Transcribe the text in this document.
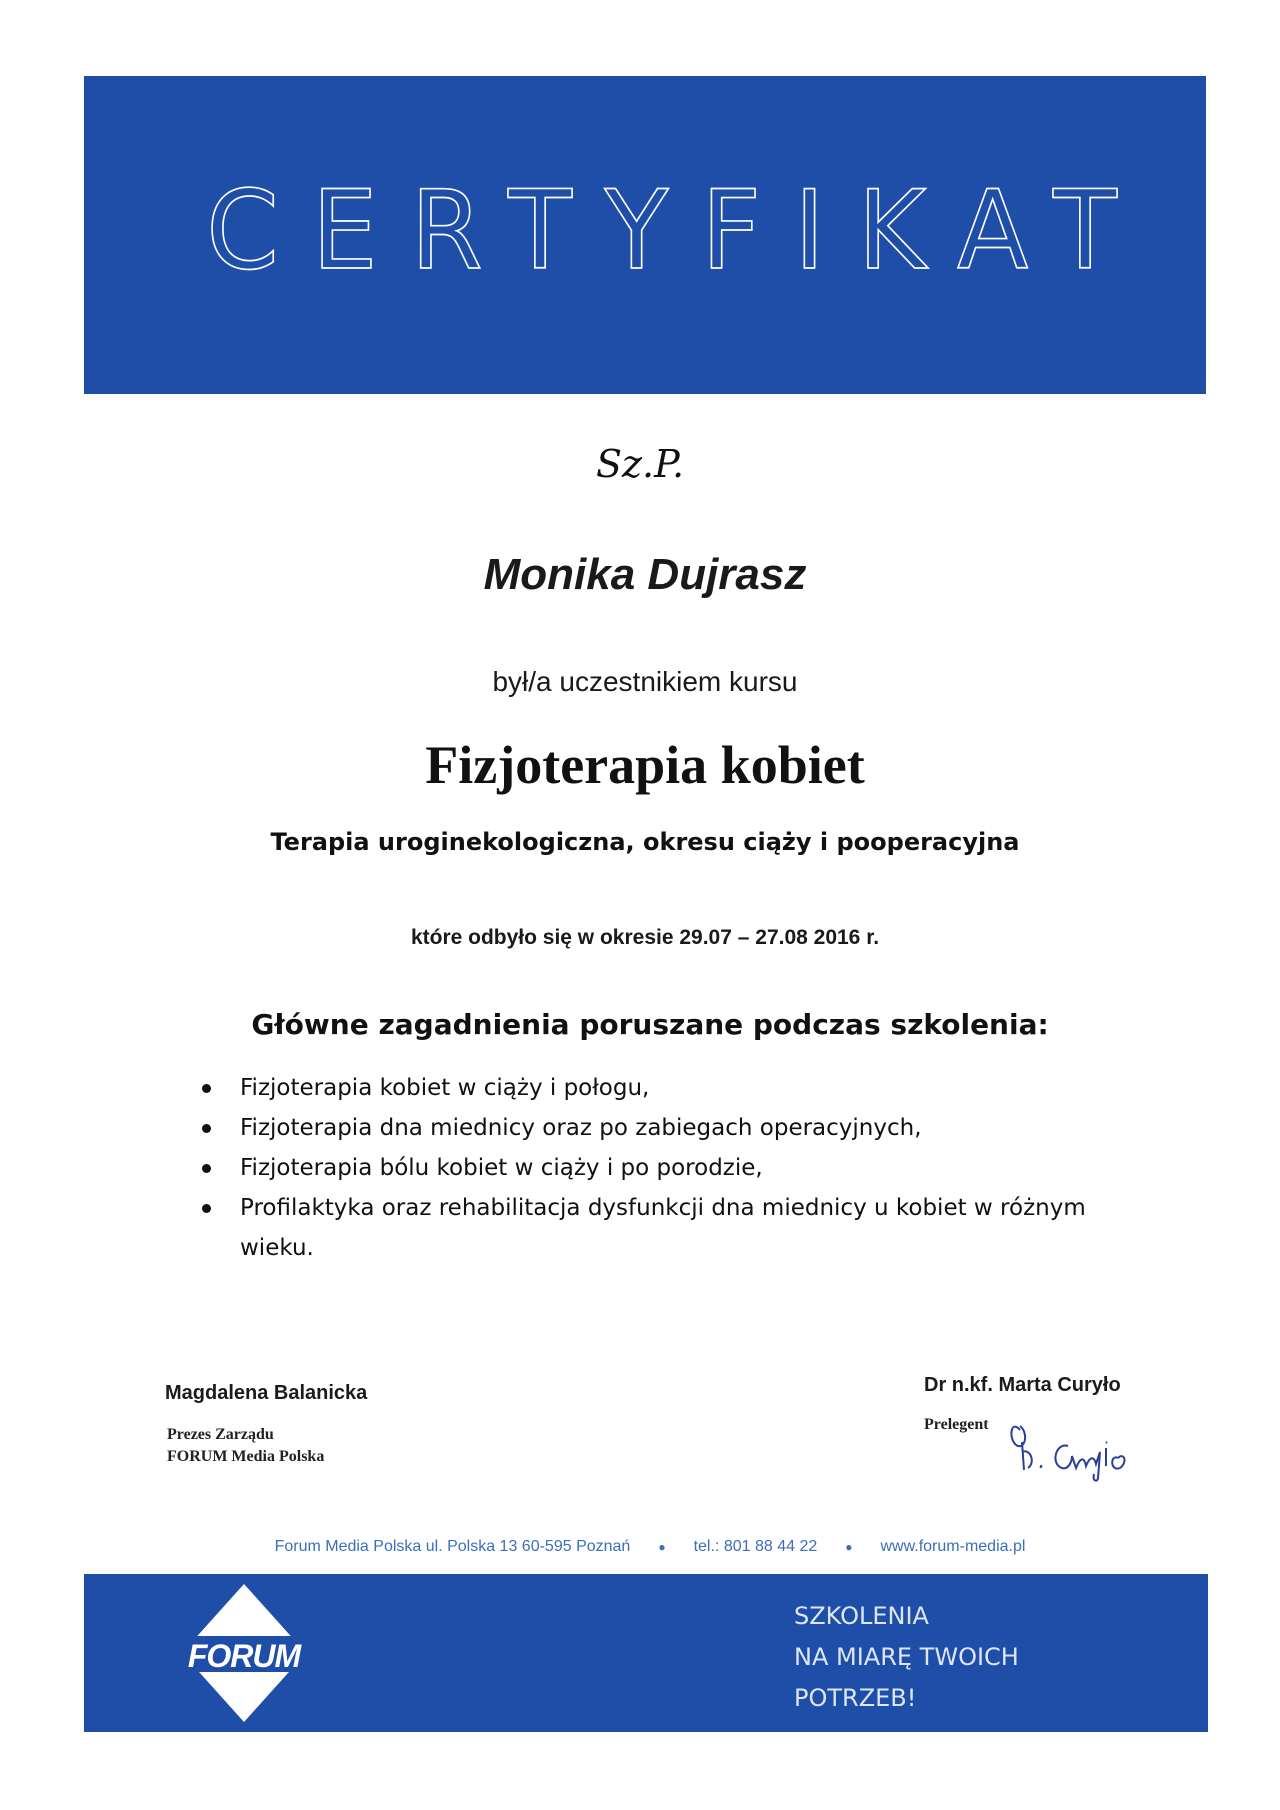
CERTYFIKAT
Sz.P.
Monika Dujrasz
był/a uczestnikiem kursu
Fizjoterapia kobiet
Terapia uroginekologiczna, okresu ciąży i pooperacyjna
które odbyło się w okresie 29.07 – 27.08 2016 r.
Główne zagadnienia poruszane podczas szkolenia:
Fizjoterapia kobiet w ciąży i połogu,
Fizjoterapia dna miednicy oraz po zabiegach operacyjnych,
Fizjoterapia bólu kobiet w ciąży i po porodzie,
Profilaktyka oraz rehabilitacja dysfunkcji dna miednicy u kobiet w różnym wieku.
Magdalena Balanicka
Prezes Zarządu
FORUM Media Polska
Dr n.kf. Marta Curyło
Prelegent
Forum Media Polska ul. Polska 13 60-595 Poznań ● tel.: 801 88 44 22 ● www.forum-media.pl
FORUM
SZKOLENIA
NA MIARĘ TWOICH
POTRZEB!
